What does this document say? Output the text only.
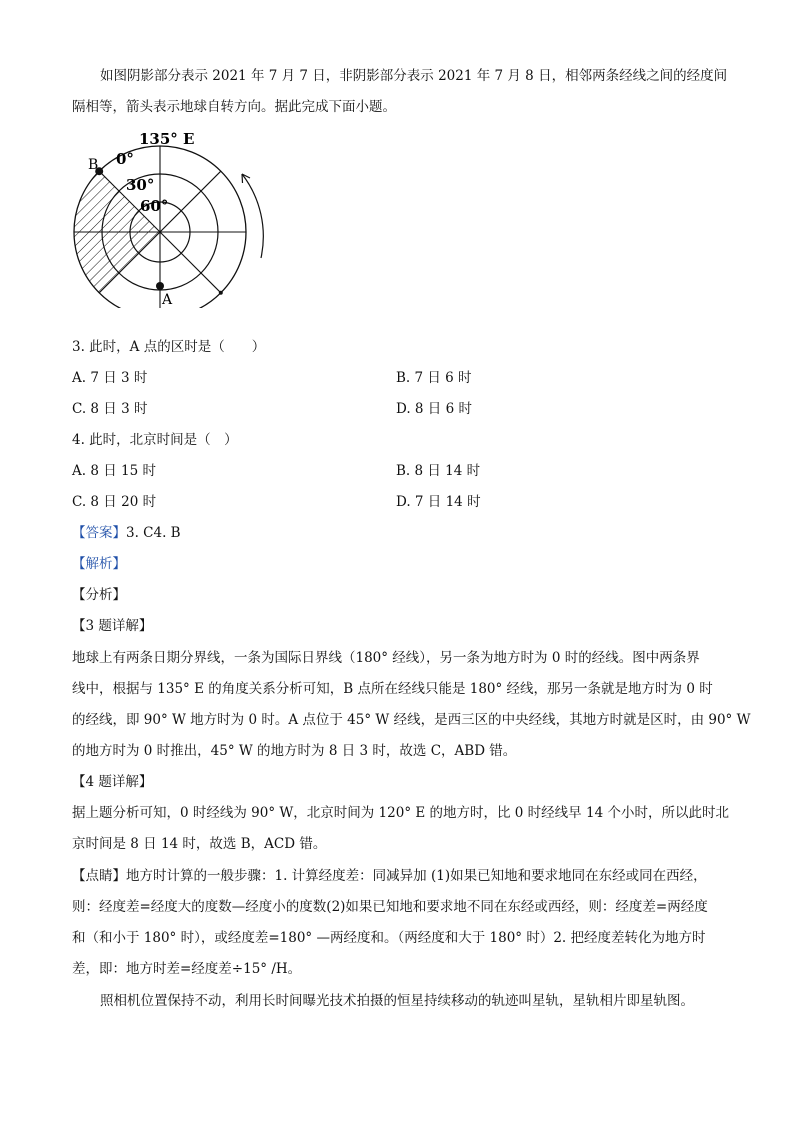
如图阴影部分表示 2021 年 7 月 7 日，非阴影部分表示 2021 年 7 月 8 日，相邻两条经线之间的经度间
隔相等，箭头表示地球自转方向。据此完成下面小题。
135° E
0°
30°
60°
B
A
3. 此时，A 点的区时是（　　）
A. 7 日 3 时	B. 7 日 6 时
C. 8 日 3 时	D. 8 日 6 时
4. 此时，北京时间是（　）
A. 8 日 15 时	B. 8 日 14 时
C. 8 日 20 时	D. 7 日 14 时
【答案】3. C4. B
【解析】
【分析】
【3 题详解】
地球上有两条日期分界线，一条为国际日界线（180° 经线），另一条为地方时为 0 时的经线。图中两条界
线中，根据与 135° E 的角度关系分析可知，B 点所在经线只能是 180° 经线，那另一条就是地方时为 0 时
的经线，即 90° W 地方时为 0 时。A 点位于 45° W 经线，是西三区的中央经线，其地方时就是区时，由 90° W
的地方时为 0 时推出，45° W 的地方时为 8 日 3 时，故选 C，ABD 错。
【4 题详解】
据上题分析可知，0 时经线为 90° W，北京时间为 120° E 的地方时，比 0 时经线早 14 个小时，所以此时北
京时间是 8 日 14 时，故选 B，ACD 错。
【点睛】地方时计算的一般步骤：1. 计算经度差：同减异加 (1)如果已知地和要求地同在东经或同在西经，
则：经度差=经度大的度数—经度小的度数(2)如果已知地和要求地不同在东经或西经，则：经度差=两经度
和（和小于 180° 时），或经度差=180° —两经度和。（两经度和大于 180° 时）2. 把经度差转化为地方时
差，即：地方时差=经度差÷15° /H。
照相机位置保持不动，利用长时间曝光技术拍摄的恒星持续移动的轨迹叫星轨，星轨相片即星轨图。
